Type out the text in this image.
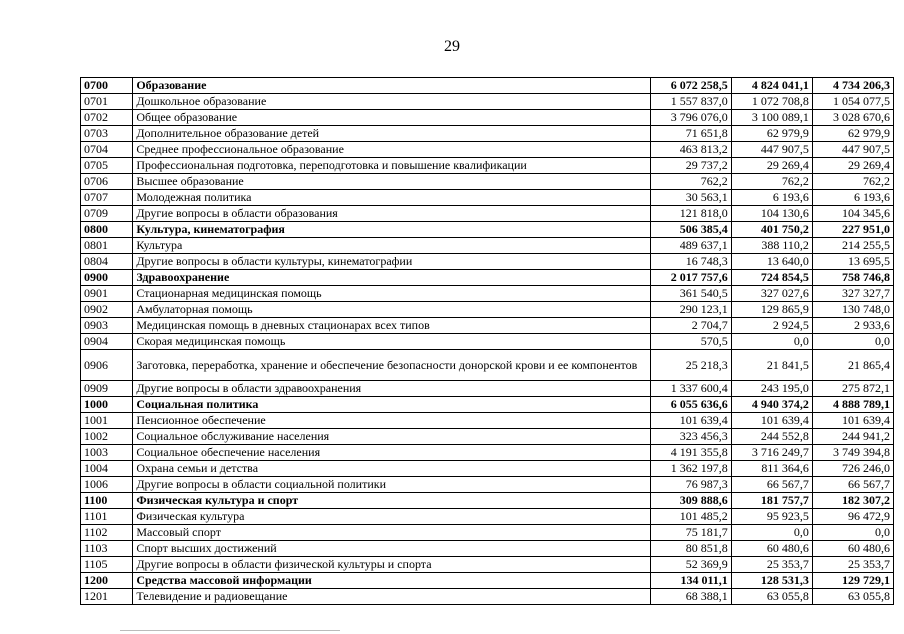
29
0700	Образование	6 072 258,5	4 824 041,1	4 734 206,3
0701	Дошкольное образование	1 557 837,0	1 072 708,8	1 054 077,5
0702	Общее образование	3 796 076,0	3 100 089,1	3 028 670,6
0703	Дополнительное образование детей	71 651,8	62 979,9	62 979,9
0704	Среднее профессиональное образование	463 813,2	447 907,5	447 907,5
0705	Профессиональная подготовка, переподготовка и повышение квалификации	29 737,2	29 269,4	29 269,4
0706	Высшее образование	762,2	762,2	762,2
0707	Молодежная политика	30 563,1	6 193,6	6 193,6
0709	Другие вопросы в области образования	121 818,0	104 130,6	104 345,6
0800	Культура, кинематография	506 385,4	401 750,2	227 951,0
0801	Культура	489 637,1	388 110,2	214 255,5
0804	Другие вопросы в области культуры, кинематографии	16 748,3	13 640,0	13 695,5
0900	Здравоохранение	2 017 757,6	724 854,5	758 746,8
0901	Стационарная медицинская помощь	361 540,5	327 027,6	327 327,7
0902	Амбулаторная помощь	290 123,1	129 865,9	130 748,0
0903	Медицинская помощь в дневных стационарах всех типов	2 704,7	2 924,5	2 933,6
0904	Скорая медицинская помощь	570,5	0,0	0,0
0906	Заготовка, переработка, хранение и обеспечение безопасности донорской крови и ее компонентов	25 218,3	21 841,5	21 865,4
0909	Другие вопросы в области здравоохранения	1 337 600,4	243 195,0	275 872,1
1000	Социальная политика	6 055 636,6	4 940 374,2	4 888 789,1
1001	Пенсионное обеспечение	101 639,4	101 639,4	101 639,4
1002	Социальное обслуживание населения	323 456,3	244 552,8	244 941,2
1003	Социальное обеспечение населения	4 191 355,8	3 716 249,7	3 749 394,8
1004	Охрана семьи и детства	1 362 197,8	811 364,6	726 246,0
1006	Другие вопросы в области социальной политики	76 987,3	66 567,7	66 567,7
1100	Физическая культура и спорт	309 888,6	181 757,7	182 307,2
1101	Физическая культура	101 485,2	95 923,5	96 472,9
1102	Массовый спорт	75 181,7	0,0	0,0
1103	Спорт высших достижений	80 851,8	60 480,6	60 480,6
1105	Другие вопросы в области физической культуры и спорта	52 369,9	25 353,7	25 353,7
1200	Средства массовой информации	134 011,1	128 531,3	129 729,1
1201	Телевидение и радиовещание	68 388,1	63 055,8	63 055,8
